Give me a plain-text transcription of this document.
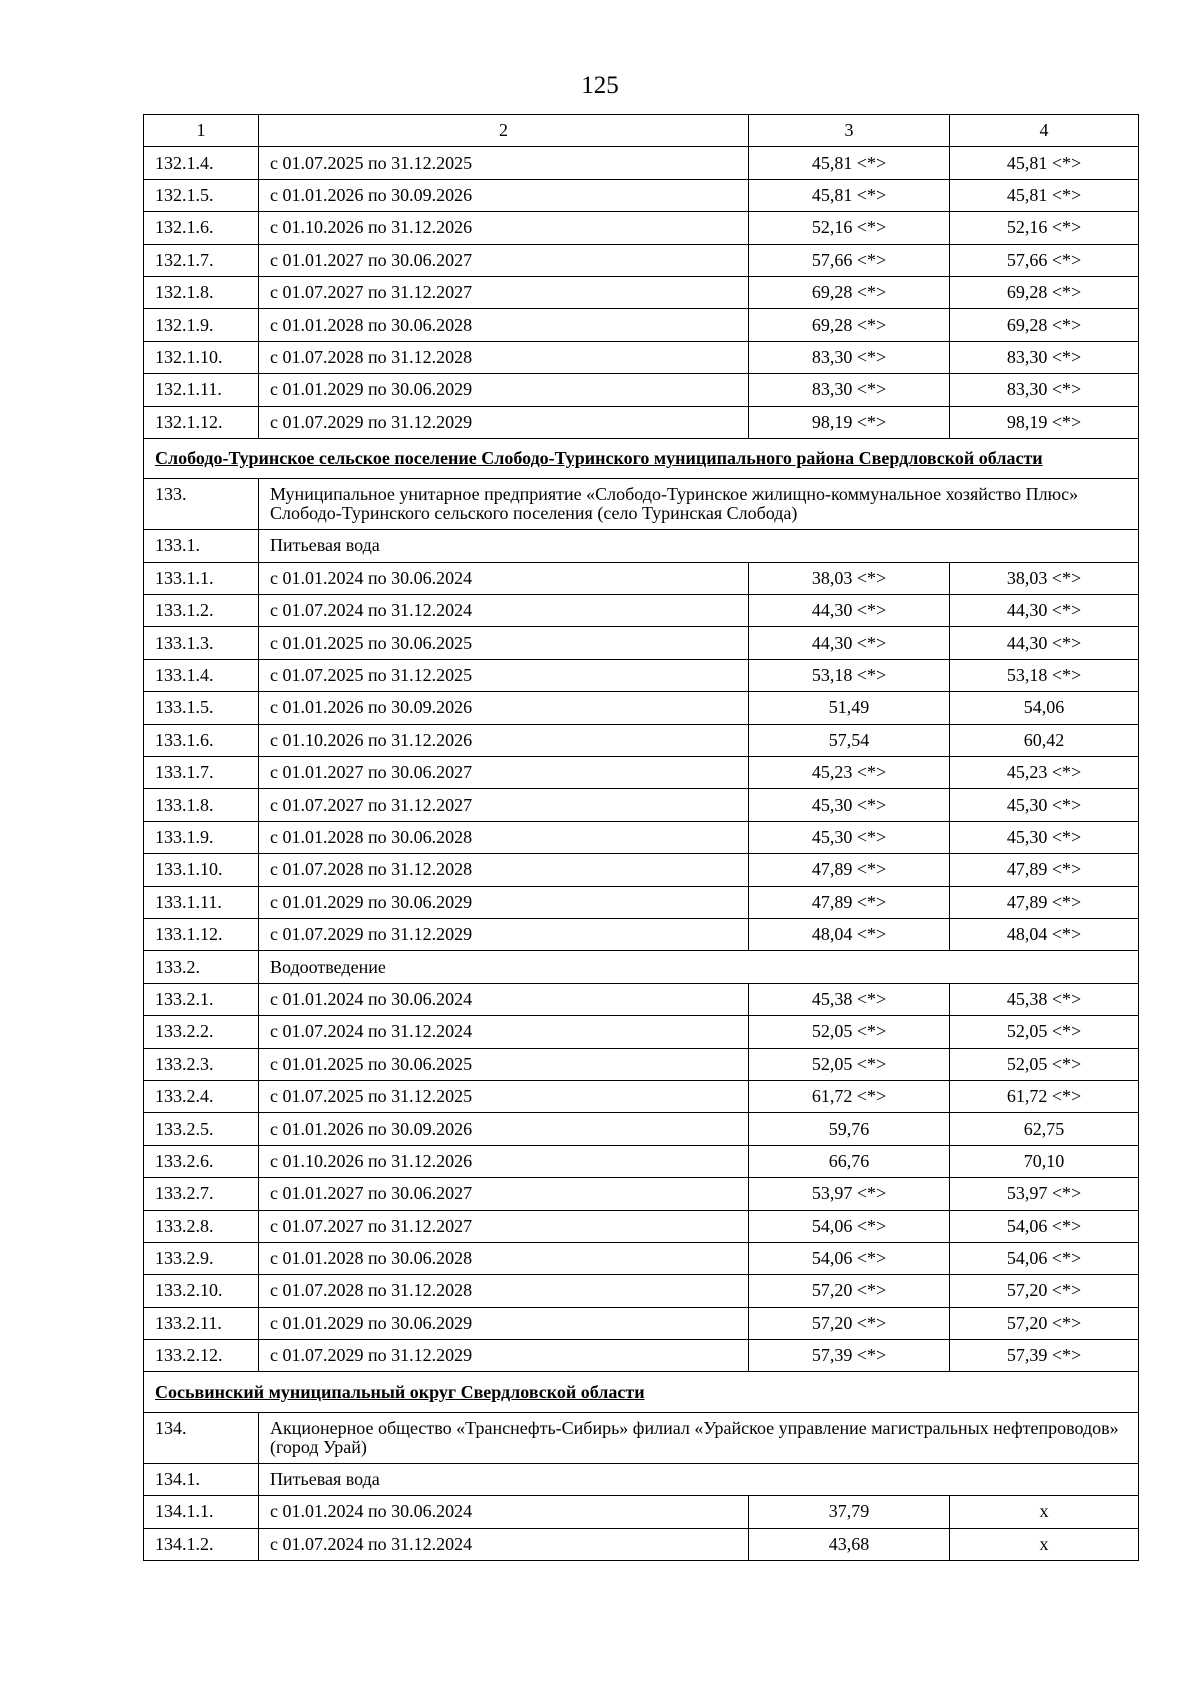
125
1	2	3	4
132.1.4.	с 01.07.2025 по 31.12.2025	45,81 <*>	45,81 <*>
132.1.5.	с 01.01.2026 по 30.09.2026	45,81 <*>	45,81 <*>
132.1.6.	с 01.10.2026 по 31.12.2026	52,16 <*>	52,16 <*>
132.1.7.	с 01.01.2027 по 30.06.2027	57,66 <*>	57,66 <*>
132.1.8.	с 01.07.2027 по 31.12.2027	69,28 <*>	69,28 <*>
132.1.9.	с 01.01.2028 по 30.06.2028	69,28 <*>	69,28 <*>
132.1.10.	с 01.07.2028 по 31.12.2028	83,30 <*>	83,30 <*>
132.1.11.	с 01.01.2029 по 30.06.2029	83,30 <*>	83,30 <*>
132.1.12.	с 01.07.2029 по 31.12.2029	98,19 <*>	98,19 <*>
Слободо-Туринское сельское поселение Слободо-Туринского муниципального района Свердловской области			
133.	Муниципальное унитарное предприятие «Слободо-Туринское жилищно-коммунальное хозяйство Плюс» Слободо-Туринского сельского поселения (село Туринская Слобода)		
133.1.	Питьевая вода		
133.1.1.	с 01.01.2024 по 30.06.2024	38,03 <*>	38,03 <*>
133.1.2.	с 01.07.2024 по 31.12.2024	44,30 <*>	44,30 <*>
133.1.3.	с 01.01.2025 по 30.06.2025	44,30 <*>	44,30 <*>
133.1.4.	с 01.07.2025 по 31.12.2025	53,18 <*>	53,18 <*>
133.1.5.	с 01.01.2026 по 30.09.2026	51,49	54,06
133.1.6.	с 01.10.2026 по 31.12.2026	57,54	60,42
133.1.7.	с 01.01.2027 по 30.06.2027	45,23 <*>	45,23 <*>
133.1.8.	с 01.07.2027 по 31.12.2027	45,30 <*>	45,30 <*>
133.1.9.	с 01.01.2028 по 30.06.2028	45,30 <*>	45,30 <*>
133.1.10.	с 01.07.2028 по 31.12.2028	47,89 <*>	47,89 <*>
133.1.11.	с 01.01.2029 по 30.06.2029	47,89 <*>	47,89 <*>
133.1.12.	с 01.07.2029 по 31.12.2029	48,04 <*>	48,04 <*>
133.2.	Водоотведение		
133.2.1.	с 01.01.2024 по 30.06.2024	45,38 <*>	45,38 <*>
133.2.2.	с 01.07.2024 по 31.12.2024	52,05 <*>	52,05 <*>
133.2.3.	с 01.01.2025 по 30.06.2025	52,05 <*>	52,05 <*>
133.2.4.	с 01.07.2025 по 31.12.2025	61,72 <*>	61,72 <*>
133.2.5.	с 01.01.2026 по 30.09.2026	59,76	62,75
133.2.6.	с 01.10.2026 по 31.12.2026	66,76	70,10
133.2.7.	с 01.01.2027 по 30.06.2027	53,97 <*>	53,97 <*>
133.2.8.	с 01.07.2027 по 31.12.2027	54,06 <*>	54,06 <*>
133.2.9.	с 01.01.2028 по 30.06.2028	54,06 <*>	54,06 <*>
133.2.10.	с 01.07.2028 по 31.12.2028	57,20 <*>	57,20 <*>
133.2.11.	с 01.01.2029 по 30.06.2029	57,20 <*>	57,20 <*>
133.2.12.	с 01.07.2029 по 31.12.2029	57,39 <*>	57,39 <*>
Сосьвинский муниципальный округ Свердловской области			
134.	Акционерное общество «Транснефть-Сибирь» филиал «Урайское управление магистральных нефтепроводов» (город Урай)		
134.1.	Питьевая вода		
134.1.1.	с 01.01.2024 по 30.06.2024	37,79	x
134.1.2.	с 01.07.2024 по 31.12.2024	43,68	x
